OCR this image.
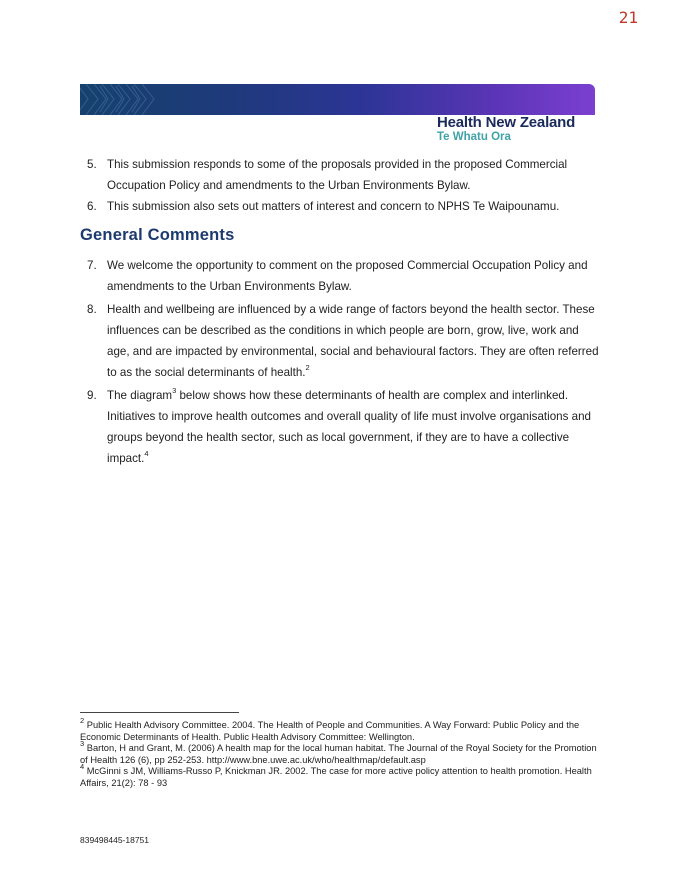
21
Health New Zealand
Te Whatu Ora
5. This submission responds to some of the proposals provided in the proposed Commercial Occupation Policy and amendments to the Urban Environments Bylaw.
6. This submission also sets out matters of interest and concern to NPHS Te Waipounamu.
General Comments
7. We welcome the opportunity to comment on the proposed Commercial Occupation Policy and amendments to the Urban Environments Bylaw.
8. Health and wellbeing are influenced by a wide range of factors beyond the health sector. These influences can be described as the conditions in which people are born, grow, live, work and age, and are impacted by environmental, social and behavioural factors. They are often referred to as the social determinants of health.$^2$
9. The diagram$^3$ below shows how these determinants of health are complex and interlinked. Initiatives to improve health outcomes and overall quality of life must involve organisations and groups beyond the health sector, such as local government, if they are to have a collective impact.$^4$

$^2$ Public Health Advisory Committee. 2004. The Health of People and Communities. A Way Forward: Public Policy and the Economic Determinants of Health. Public Health Advisory Committee: Wellington.

$^3$ Barton, H and Grant, M. (2006) A health map for the local human habitat. The Journal of the Royal Society for the Promotion of Health 126 (6), pp 252-253. http://www.bne.uwe.ac.uk/who/healthmap/default.asp

$^4$ McGinni s JM, Williams-Russo P, Knickman JR. 2002. The case for more active policy attention to health promotion. Health Affairs, 21(2): 78 - 93

839498445-18751
